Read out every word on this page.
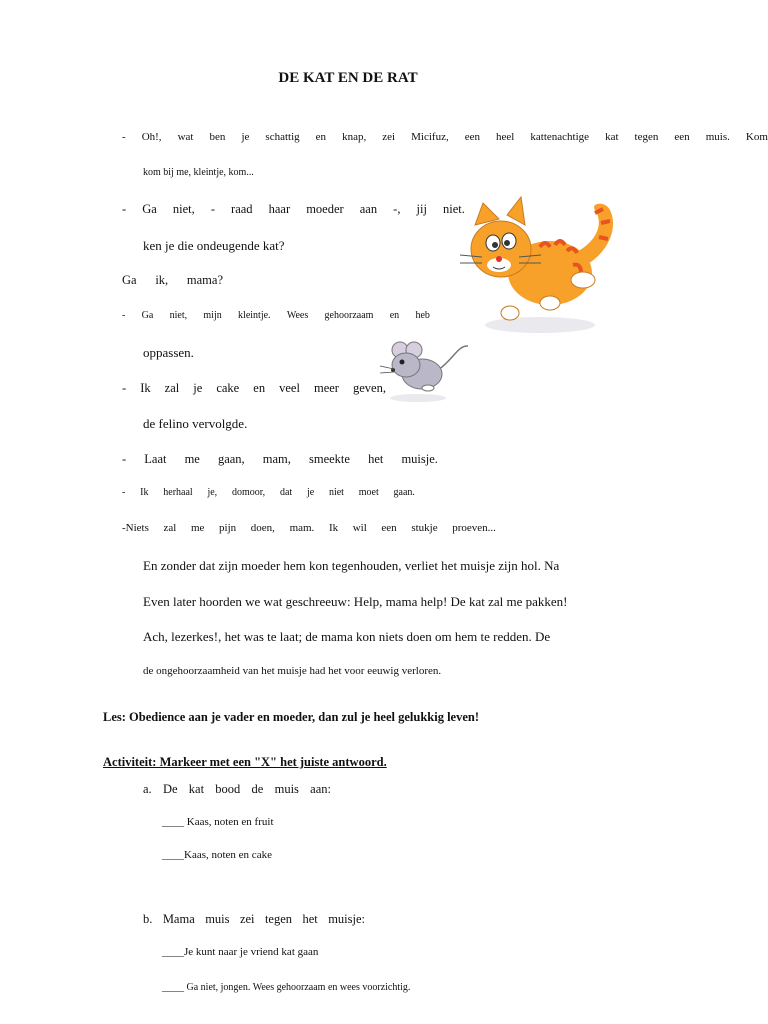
DE KAT EN DE RAT
- Oh!, wat ben je schattig en knap, zei Micifuz, een heel kattenachtige kat tegen een muis. Kom
kom bij me, kleintje, kom...
- Ga niet, - raad haar moeder aan -, jij niet.
ken je die ondeugende kat?
Ga ik, mama?
- Ga niet, mijn kleintje. Wees gehoorzaam en heb
oppassen.
- Ik zal je cake en veel meer geven,
de felino vervolgde.
- Laat me gaan, mam, smeekte het muisje.
- Ik herhaal je, domoor, dat je niet moet gaan.
-Niets zal me pijn doen, mam. Ik wil een stukje proeven...
En zonder dat zijn moeder hem kon tegenhouden, verliet het muisje zijn hol. Na
Even later hoorden we wat geschreeuw: Help, mama help! De kat zal me pakken!
Ach, lezerkes!, het was te laat; de mama kon niets doen om hem te redden. De
de ongehoorzaamheid van het muisje had het voor eeuwig verloren.
Les: Obedience aan je vader en moeder, dan zul je heel gelukkig leven!
Activiteit: Markeer met een "X" het juiste antwoord.
a. De kat bood de muis aan:
____ Kaas, noten en fruit
____Kaas, noten en cake
b. Mama muis zei tegen het muisje:
____Je kunt naar je vriend kat gaan
____ Ga niet, jongen. Wees gehoorzaam en wees voorzichtig.
